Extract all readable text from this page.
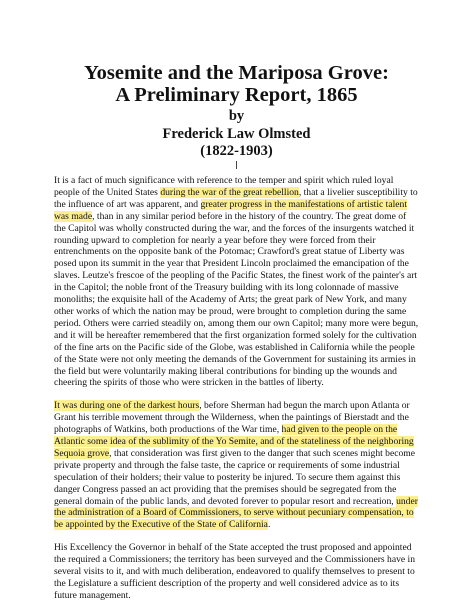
Yosemite and the Mariposa Grove:
A Preliminary Report, 1865
by
Frederick Law Olmsted
(1822-1903)

It is a fact of much significance with reference to the temper and spirit which ruled loyal people of the United States during the war of the great rebellion, that a livelier susceptibility to the influence of art was apparent, and greater progress in the manifestations of artistic talent was made, than in any similar period before in the history of the country. The great dome of the Capitol was wholly constructed during the war, and the forces of the insurgents watched it rounding upward to completion for nearly a year before they were forced from their entrenchments on the opposite bank of the Potomac; Crawford's great statue of Liberty was posed upon its summit in the year that President Lincoln proclaimed the emancipation of the slaves. Leutze's frescoe of the peopling of the Pacific States, the finest work of the painter's art in the Capitol; the noble front of the Treasury building with its long colonnade of massive monoliths; the exquisite hall of the Academy of Arts; the great park of New York, and many other works of which the nation may be proud, were brought to completion during the same period. Others were carried steadily on, among them our own Capitol; many more were begun, and it will be hereafter remembered that the first organization formed solely for the cultivation of the fine arts on the Pacific side of the Globe, was established in California while the people of the State were not only meeting the demands of the Government for sustaining its armies in the field but were voluntarily making liberal contributions for binding up the wounds and cheering the spirits of those who were stricken in the battles of liberty.

It was during one of the darkest hours, before Sherman had begun the march upon Atlanta or Grant his terrible movement through the Wilderness, when the paintings of Bierstadt and the photographs of Watkins, both productions of the War time, had given to the people on the Atlantic some idea of the sublimity of the Yo Semite, and of the stateliness of the neighboring Sequoia grove, that consideration was first given to the danger that such scenes might become private property and through the false taste, the caprice or requirements of some industrial speculation of their holders; their value to posterity be injured. To secure them against this danger Congress passed an act providing that the premises should be segregated from the general domain of the public lands, and devoted forever to popular resort and recreation, under the administration of a Board of Commissioners, to serve without pecuniary compensation, to be appointed by the Executive of the State of California.

His Excellency the Governor in behalf of the State accepted the trust proposed and appointed the required a Commissioners; the territory has been surveyed and the Commissioners have in several visits to it, and with much deliberation, endeavored to qualify themselves to present to the Legislature a sufficient description of the property and well considered advice as to its future management.
